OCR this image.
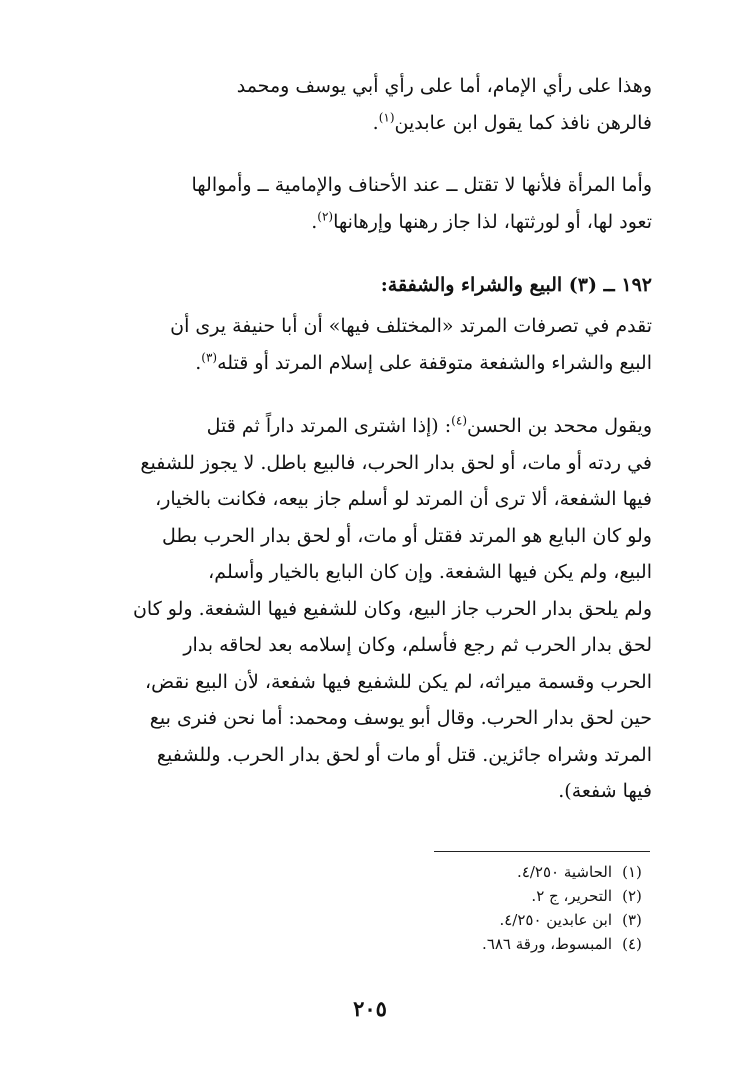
وهذا على رأي الإمام، أما على رأي أبي يوسف ومحمد

فالرهن نافذ كما يقول ابن عابدين$^{(١)}$.

وأما المرأة فلأنها لا تقتل ــ عند الأحناف والإمامية ــ وأموالها

تعود لها، أو لورثتها، لذا جاز رهنها وإرهانها$^{(٢)}$.

١٩٢ ــ (٣) البيع والشراء والشفقة:

تقدم في تصرفات المرتد «المختلف فيها» أن أبا حنيفة يرى أن

البيع والشراء والشفعة متوقفة على إسلام المرتد أو قتله$^{(٣)}$.

ويقول مححد بن الحسن$^{(٤)}$: (إذا اشترى المرتد داراً ثم قتل

في ردته أو مات، أو لحق بدار الحرب، فالبيع باطل. لا يجوز للشفيع

فيها الشفعة، ألا ترى أن المرتد لو أسلم جاز بيعه، فكانت بالخيار،

ولو كان البايع هو المرتد فقتل أو مات، أو لحق بدار الحرب بطل

البيع، ولم يكن فيها الشفعة. وإن كان البايع بالخيار وأسلم،

ولم يلحق بدار الحرب جاز البيع، وكان للشفيع فيها الشفعة. ولو كان

لحق بدار الحرب ثم رجع فأسلم، وكان إسلامه بعد لحاقه بدار

الحرب وقسمة ميراثه، لم يكن للشفيع فيها شفعة، لأن البيع نقض،

حين لحق بدار الحرب. وقال أبو يوسف ومحمد: أما نحن فنرى بيع

المرتد وشراه جائزين. قتل أو مات أو لحق بدار الحرب. وللشفيع

فيها شفعة).

(١)
الحاشية ٤/٢٥٠.
(٢)
التحرير، ج ٢.
(٣)
ابن عابدين ٤/٢٥٠.
(٤)
المبسوط، ورقة ٦٨٦.
٢٠٥
